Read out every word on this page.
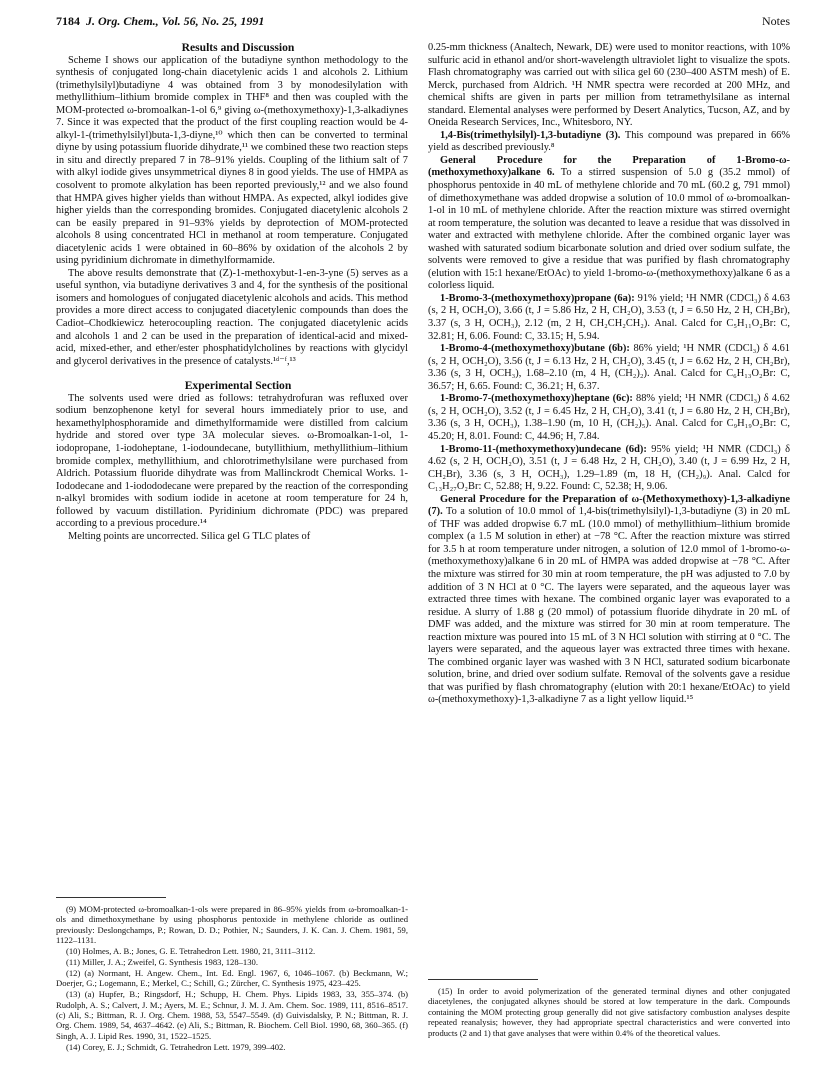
7184 J. Org. Chem., Vol. 56, No. 25, 1991	Notes

Results and Discussion

Scheme I shows our application of the butadiyne synthon methodology to the synthesis of conjugated long-chain diacetylenic acids 1 and alcohols 2. Lithium (trimethylsilyl)butadiyne 4 was obtained from 3 by monodesilylation with methyllithium–lithium bromide complex in THF⁸ and then was coupled with the MOM-protected ω-bromoalkan-1-ol 6,⁹ giving ω-(methoxymethoxy)-1,3-alkadiynes 7. Since it was expected that the product of the first coupling reaction would be 4-alkyl-1-(trimethylsilyl)buta-1,3-diyne,¹⁰ which then can be converted to terminal diyne by using potassium fluoride dihydrate,¹¹ we combined these two reaction steps in situ and directly prepared 7 in 78–91% yields. Coupling of the lithium salt of 7 with alkyl iodide gives unsymmetrical diynes 8 in good yields. The use of HMPA as cosolvent to promote alkylation has been reported previously,¹² and we also found that HMPA gives higher yields than without HMPA. As expected, alkyl iodides give higher yields than the corresponding bromides. Conjugated diacetylenic alcohols 2 can be easily prepared in 91–93% yields by deprotection of MOM-protected alcohols 8 using concentrated HCl in methanol at room temperature. Conjugated diacetylenic acids 1 were obtained in 60–86% by oxidation of the alcohols 2 by using pyridinium dichromate in dimethylformamide.

The above results demonstrate that (Z)-1-methoxybut-1-en-3-yne (5) serves as a useful synthon, via butadiyne derivatives 3 and 4, for the synthesis of the positional isomers and homologues of conjugated diacetylenic alcohols and acids. This method provides a more direct access to conjugated diacetylenic compounds than does the Cadiot–Chodkiewicz heterocoupling reaction. The conjugated diacetylenic acids and alcohols 1 and 2 can be used in the preparation of identical-acid and mixed-acid, mixed-ether, and ether/ester phosphatidylcholines by reactions with glycidyl and glycerol derivatives in the presence of catalysts.¹ᵈ⁻ᶠ,¹³

Experimental Section

The solvents used were dried as follows: tetrahydrofuran was refluxed over sodium benzophenone ketyl for several hours immediately prior to use, and hexamethylphosphoramide and dimethylformamide were distilled from calcium hydride and stored over type 3A molecular sieves. ω-Bromoalkan-1-ol, 1-iodopropane, 1-iodoheptane, 1-iodoundecane, butyllithium, methyllithium–lithium bromide complex, methyllithium, and chlorotrimethylsilane were purchased from Aldrich. Potassium fluoride dihydrate was from Mallinckrodt Chemical Works. 1-Iododecane and 1-iodododecane were prepared by the reaction of the corresponding n-alkyl bromides with sodium iodide in acetone at room temperature for 24 h, followed by vacuum distillation. Pyridinium dichromate (PDC) was prepared according to a previous procedure.¹⁴

Melting points are uncorrected. Silica gel G TLC plates of

(9) MOM-protected ω-bromoalkan-1-ols were prepared in 86–95% yields from ω-bromoalkan-1-ols and dimethoxymethane by using phosphorus pentoxide in methylene chloride as outlined previously: Deslongchamps, P.; Rowan, D. D.; Pothier, N.; Saunders, J. K. Can. J. Chem. 1981, 59, 1122–1131.

(10) Holmes, A. B.; Jones, G. E. Tetrahedron Lett. 1980, 21, 3111–3112.

(11) Miller, J. A.; Zweifel, G. Synthesis 1983, 128–130.

(12) (a) Normant, H. Angew. Chem., Int. Ed. Engl. 1967, 6, 1046–1067. (b) Beckmann, W.; Doerjer, G.; Logemann, E.; Merkel, C.; Schill, G.; Zürcher, C. Synthesis 1975, 423–425.

(13) (a) Hupfer, B.; Ringsdorf, H.; Schupp, H. Chem. Phys. Lipids 1983, 33, 355–374. (b) Rudolph, A. S.; Calvert, J. M.; Ayers, M. E.; Schnur, J. M. J. Am. Chem. Soc. 1989, 111, 8516–8517. (c) Ali, S.; Bittman, R. J. Org. Chem. 1988, 53, 5547–5549. (d) Guivisdalsky, P. N.; Bittman, R. J. Org. Chem. 1989, 54, 4637–4642. (e) Ali, S.; Bittman, R. Biochem. Cell Biol. 1990, 68, 360–365. (f) Singh, A. J. Lipid Res. 1990, 31, 1522–1525.

(14) Corey, E. J.; Schmidt, G. Tetrahedron Lett. 1979, 399–402.

0.25-mm thickness (Analtech, Newark, DE) were used to monitor reactions, with 10% sulfuric acid in ethanol and/or short-wavelength ultraviolet light to visualize the spots. Flash chromatography was carried out with silica gel 60 (230–400 ASTM mesh) of E. Merck, purchased from Aldrich. ¹H NMR spectra were recorded at 200 MHz, and chemical shifts are given in parts per million from tetramethylsilane as internal standard. Elemental analyses were performed by Desert Analytics, Tucson, AZ, and by Oneida Research Services, Inc., Whitesboro, NY.

1,4-Bis(trimethylsilyl)-1,3-butadiyne (3). This compound was prepared in 66% yield as described previously.⁸

General Procedure for the Preparation of 1-Bromo-ω-(methoxymethoxy)alkane 6. To a stirred suspension of 5.0 g (35.2 mmol) of phosphorus pentoxide in 40 mL of methylene chloride and 70 mL (60.2 g, 791 mmol) of dimethoxymethane was added dropwise a solution of 10.0 mmol of ω-bromoalkan-1-ol in 10 mL of methylene chloride. After the reaction mixture was stirred overnight at room temperature, the solution was decanted to leave a residue that was dissolved in water and extracted with methylene chloride. After the combined organic layer was washed with saturated sodium bicarbonate solution and dried over sodium sulfate, the solvents were removed to give a residue that was purified by flash chromatography (elution with 15:1 hexane/EtOAc) to yield 1-bromo-ω-(methoxymethoxy)alkane 6 as a colorless liquid.

1-Bromo-3-(methoxymethoxy)propane (6a): 91% yield; ¹H NMR (CDCl₃) δ 4.63 (s, 2 H, OCH₂O), 3.66 (t, J = 5.86 Hz, 2 H, CH₂O), 3.53 (t, J = 6.50 Hz, 2 H, CH₂Br), 3.37 (s, 3 H, OCH₃), 2.12 (m, 2 H, CH₂CH₂CH₂). Anal. Calcd for C₅H₁₁O₂Br: C, 32.81; H, 6.06. Found: C, 33.15; H, 5.94.

1-Bromo-4-(methoxymethoxy)butane (6b): 86% yield; ¹H NMR (CDCl₃) δ 4.61 (s, 2 H, OCH₂O), 3.56 (t, J = 6.13 Hz, 2 H, CH₂O), 3.45 (t, J = 6.62 Hz, 2 H, CH₂Br), 3.36 (s, 3 H, OCH₃), 1.68–2.10 (m, 4 H, (CH₂)₂). Anal. Calcd for C₆H₁₃O₂Br: C, 36.57; H, 6.65. Found: C, 36.21; H, 6.37.

1-Bromo-7-(methoxymethoxy)heptane (6c): 88% yield; ¹H NMR (CDCl₃) δ 4.62 (s, 2 H, OCH₂O), 3.52 (t, J = 6.45 Hz, 2 H, CH₂O), 3.41 (t, J = 6.80 Hz, 2 H, CH₂Br), 3.36 (s, 3 H, OCH₃), 1.38–1.90 (m, 10 H, (CH₂)₅). Anal. Calcd for C₉H₁₉O₂Br: C, 45.20; H, 8.01. Found: C, 44.96; H, 7.84.

1-Bromo-11-(methoxymethoxy)undecane (6d): 95% yield; ¹H NMR (CDCl₃) δ 4.62 (s, 2 H, OCH₂O), 3.51 (t, J = 6.48 Hz, 2 H, CH₂O), 3.40 (t, J = 6.99 Hz, 2 H, CH₂Br), 3.36 (s, 3 H, OCH₃), 1.29–1.89 (m, 18 H, (CH₂)₉). Anal. Calcd for C₁₃H₂₇O₂Br: C, 52.88; H, 9.22. Found: C, 52.38; H, 9.06.

General Procedure for the Preparation of ω-(Methoxymethoxy)-1,3-alkadiyne (7). To a solution of 10.0 mmol of 1,4-bis(trimethylsilyl)-1,3-butadiyne (3) in 20 mL of THF was added dropwise 6.7 mL (10.0 mmol) of methyllithium–lithium bromide complex (a 1.5 M solution in ether) at −78 °C. After the reaction mixture was stirred for 3.5 h at room temperature under nitrogen, a solution of 12.0 mmol of 1-bromo-ω-(methoxymethoxy)alkane 6 in 20 mL of HMPA was added dropwise at −78 °C. After the mixture was stirred for 30 min at room temperature, the pH was adjusted to 7.0 by addition of 3 N HCl at 0 °C. The layers were separated, and the aqueous layer was extracted three times with hexane. The combined organic layer was evaporated to a residue. A slurry of 1.88 g (20 mmol) of potassium fluoride dihydrate in 20 mL of DMF was added, and the mixture was stirred for 30 min at room temperature. The reaction mixture was poured into 15 mL of 3 N HCl solution with stirring at 0 °C. The layers were separated, and the aqueous layer was extracted three times with hexane. The combined organic layer was washed with 3 N HCl, saturated sodium bicarbonate solution, brine, and dried over sodium sulfate. Removal of the solvents gave a residue that was purified by flash chromatography (elution with 20:1 hexane/EtOAc) to yield ω-(methoxymethoxy)-1,3-alkadiyne 7 as a light yellow liquid.¹⁵

(15) In order to avoid polymerization of the generated terminal diynes and other conjugated diacetylenes, the conjugated alkynes should be stored at low temperature in the dark. Compounds containing the MOM protecting group generally did not give satisfactory combustion analyses despite repeated reanalysis; however, they had appropriate spectral characteristics and were converted into products (2 and 1) that gave analyses that were within 0.4% of the theoretical values.
